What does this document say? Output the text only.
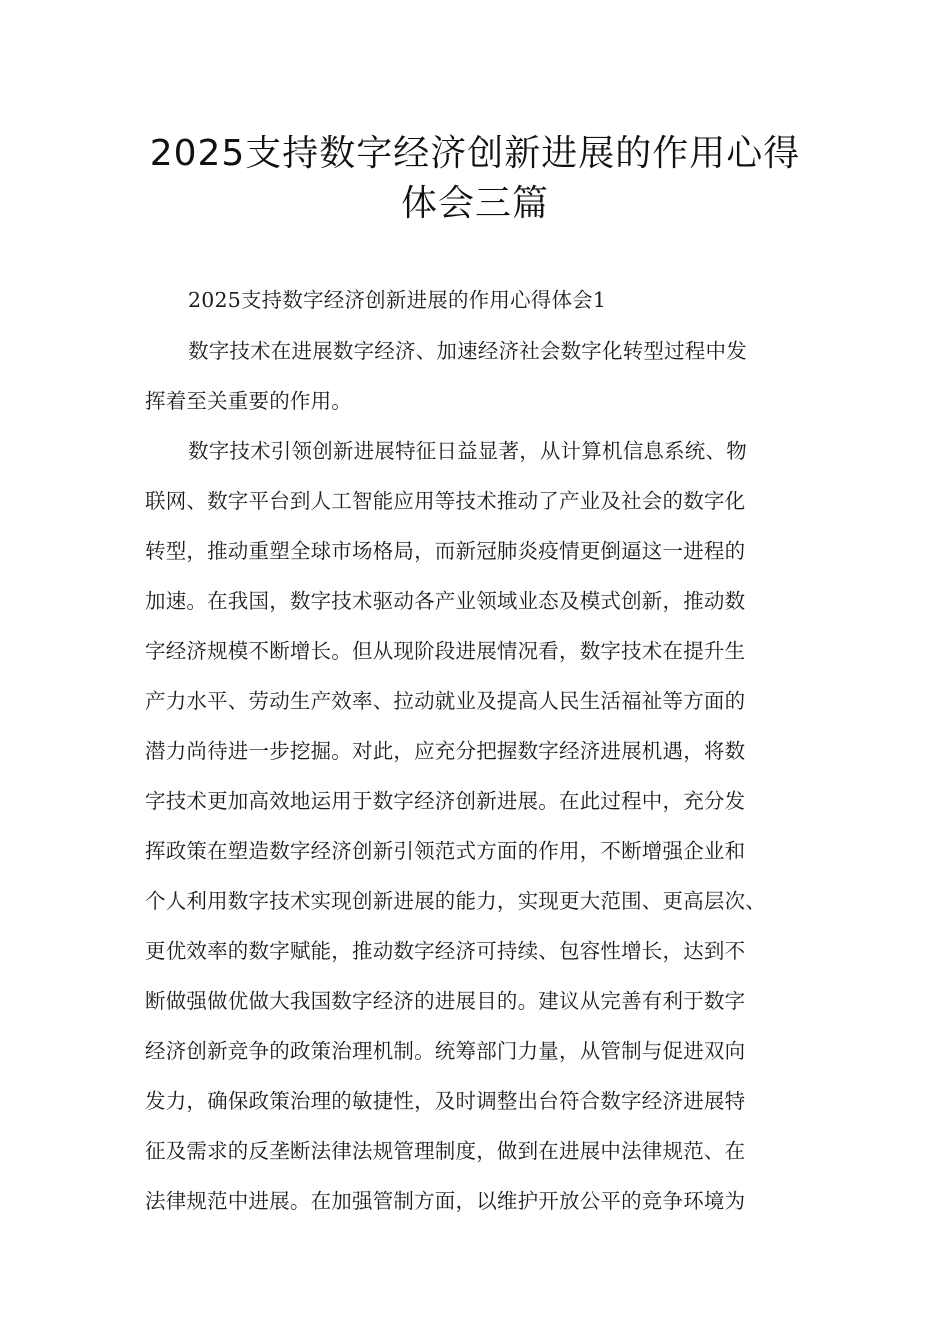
2025支持数字经济创新进展的作用心得
体会三篇
2025支持数字经济创新进展的作用心得体会1
数字技术在进展数字经济、加速经济社会数字化转型过程中发
挥着至关重要的作用。
数字技术引领创新进展特征日益显著，从计算机信息系统、物
联网、数字平台到人工智能应用等技术推动了产业及社会的数字化
转型，推动重塑全球市场格局，而新冠肺炎疫情更倒逼这一进程的
加速。在我国，数字技术驱动各产业领域业态及模式创新，推动数
字经济规模不断增长。但从现阶段进展情况看，数字技术在提升生
产力水平、劳动生产效率、拉动就业及提高人民生活福祉等方面的
潜力尚待进一步挖掘。对此，应充分把握数字经济进展机遇，将数
字技术更加高效地运用于数字经济创新进展。在此过程中，充分发
挥政策在塑造数字经济创新引领范式方面的作用，不断增强企业和
个人利用数字技术实现创新进展的能力，实现更大范围、更高层次、
更优效率的数字赋能，推动数字经济可持续、包容性增长，达到不
断做强做优做大我国数字经济的进展目的。建议从完善有利于数字
经济创新竞争的政策治理机制。统筹部门力量，从管制与促进双向
发力，确保政策治理的敏捷性，及时调整出台符合数字经济进展特
征及需求的反垄断法律法规管理制度，做到在进展中法律规范、在
法律规范中进展。在加强管制方面，以维护开放公平的竞争环境为
